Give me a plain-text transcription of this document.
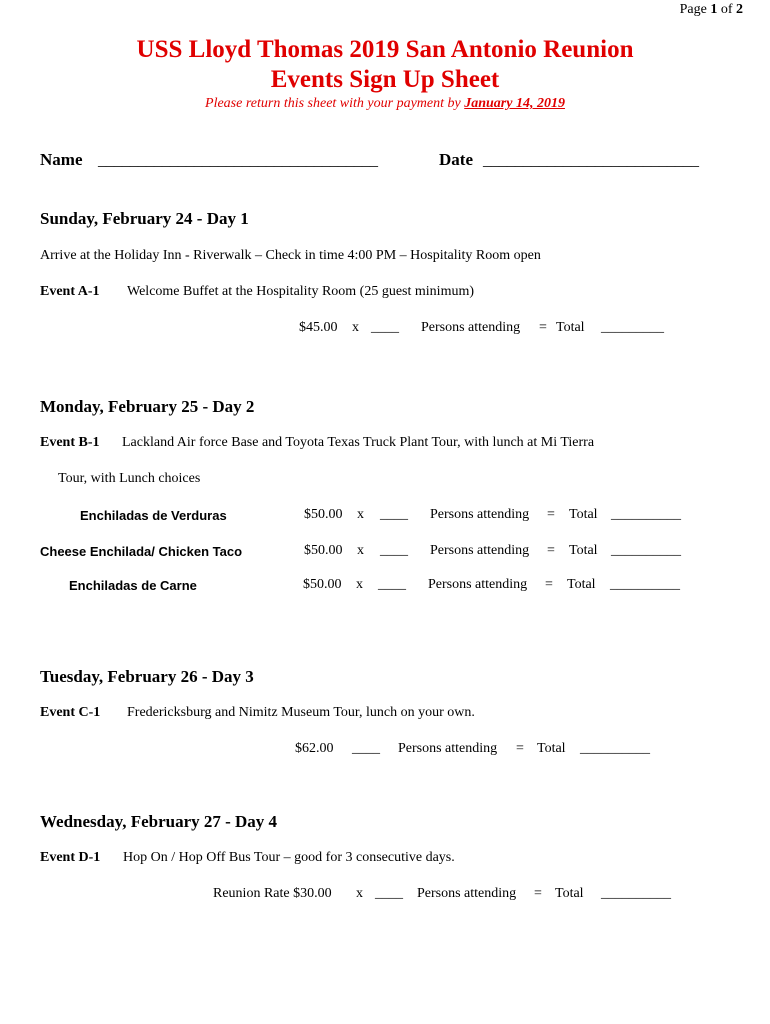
Page 1 of 2
USS Lloyd Thomas 2019 San Antonio Reunion
Events Sign Up Sheet
Please return this sheet with your payment by January 14, 2019
Name ___________________________________	Date ___________________________
Sunday, February 24 - Day 1
Arrive at the Holiday Inn - Riverwalk – Check in time 4:00 PM – Hospitality Room open
Event A-1 Welcome Buffet at the Hospitality Room (25 guest minimum)
$45.00 x ____ Persons attending = Total _________
Monday, February 25 - Day 2
Event B-1 Lackland Air force Base and Toyota Texas Truck Plant Tour, with lunch at Mi Tierra
Tour, with Lunch choices
Enchiladas de Verduras	$50.00 x ____ Persons attending = Total __________
Cheese Enchilada/ Chicken Taco	$50.00 x ____ Persons attending = Total __________
Enchiladas de Carne	$50.00 x ____ Persons attending = Total __________
Tuesday, February 26 - Day 3
Event C-1 Fredericksburg and Nimitz Museum Tour, lunch on your own.
$62.00 ____ Persons attending = Total __________
Wednesday, February 27 - Day 4
Event D-1 Hop On / Hop Off Bus Tour – good for 3 consecutive days.
Reunion Rate $30.00 x ____ Persons attending = Total __________
